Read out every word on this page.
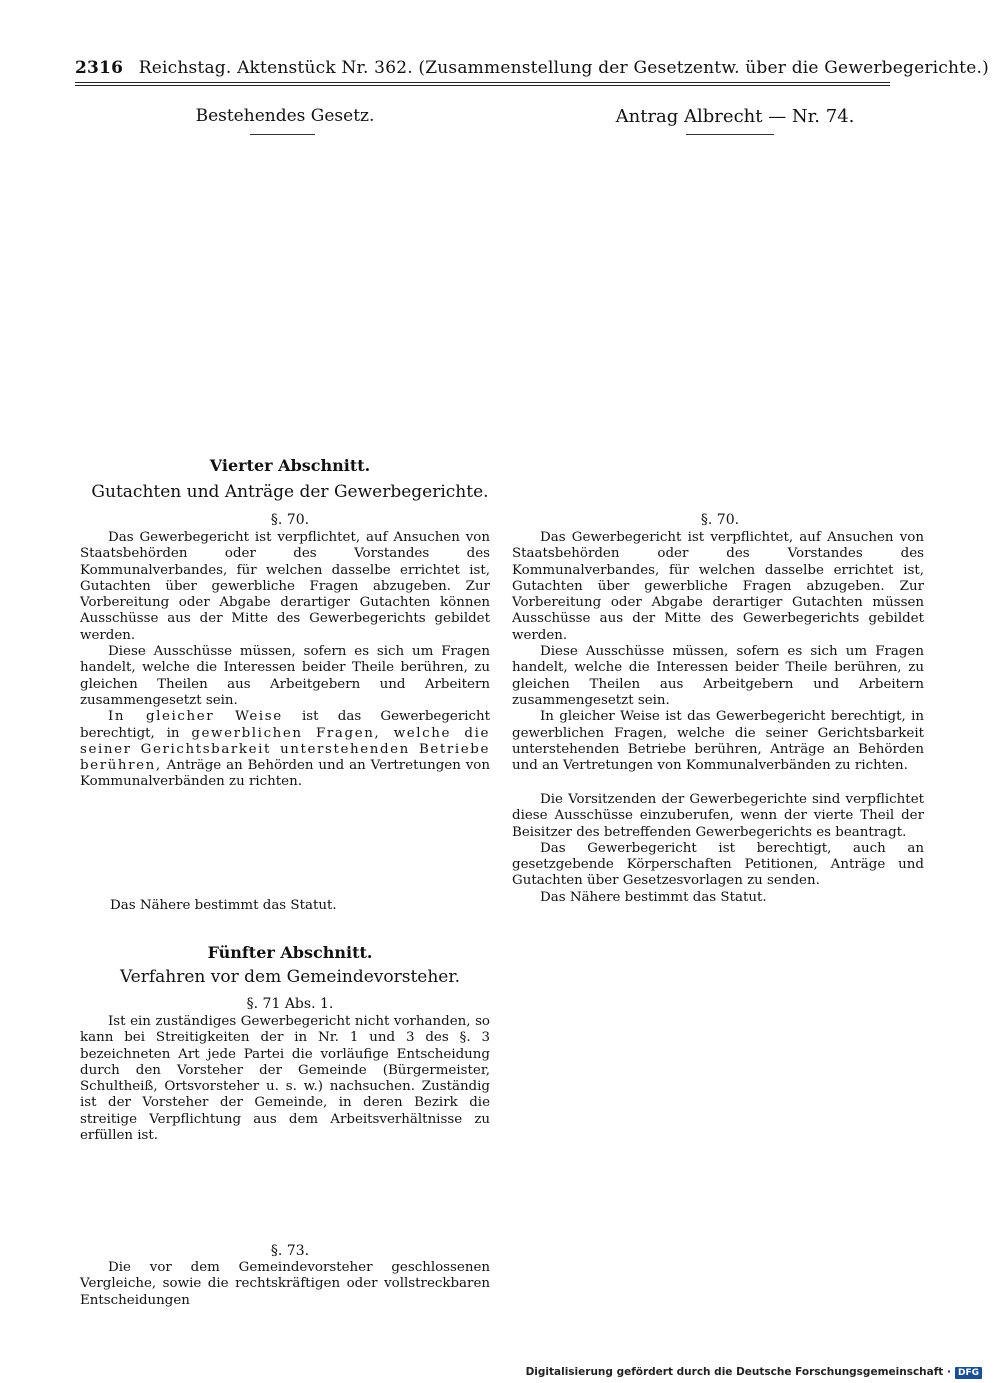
2316 Reichstag. Aktenstück Nr. 362. (Zusammenstellung der Gesetzentw. über die Gewerbegerichte.)
Bestehendes Gesetz.	Antrag Albrecht — Nr. 74.
Vierter Abschnitt.
Gutachten und Anträge der Gewerbegerichte.
§. 70.

Das Gewerbegericht ist verpflichtet, auf Ansuchen von Staatsbehörden oder des Vorstandes des Kommunalverbandes, für welchen dasselbe errichtet ist, Gutachten über gewerbliche Fragen abzugeben. Zur Vorbereitung oder Abgabe derartiger Gutachten können Ausschüsse aus der Mitte des Gewerbegerichts gebildet werden.

Diese Ausschüsse müssen, sofern es sich um Fragen handelt, welche die Interessen beider Theile berühren, zu gleichen Theilen aus Arbeitgebern und Arbeitern zusammengesetzt sein.

In gleicher Weise ist das Gewerbegericht berechtigt, in gewerblichen Fragen, welche die seiner Gerichtsbarkeit unterstehenden Betriebe berühren, Anträge an Behörden und an Vertretungen von Kommunalverbänden zu richten.

Das Nähere bestimmt das Statut.

Fünfter Abschnitt.
Verfahren vor dem Gemeindevorsteher.
§. 71 Abs. 1.

Ist ein zuständiges Gewerbegericht nicht vorhanden, so kann bei Streitigkeiten der in Nr. 1 und 3 des §. 3 bezeichneten Art jede Partei die vorläufige Entscheidung durch den Vorsteher der Gemeinde (Bürgermeister, Schultheiß, Ortsvorsteher u. s. w.) nachsuchen. Zuständig ist der Vorsteher der Gemeinde, in deren Bezirk die streitige Verpflichtung aus dem Arbeitsverhältnisse zu erfüllen ist.

§. 73.

Die vor dem Gemeindevorsteher geschlossenen Vergleiche, sowie die rechtskräftigen oder vollstreckbaren Entscheidungen

§. 70.

Das Gewerbegericht ist verpflichtet, auf Ansuchen von Staatsbehörden oder des Vorstandes des Kommunalverbandes, für welchen dasselbe errichtet ist, Gutachten über gewerbliche Fragen abzugeben. Zur Vorbereitung oder Abgabe derartiger Gutachten müssen Ausschüsse aus der Mitte des Gewerbegerichts gebildet werden.

Diese Ausschüsse müssen, sofern es sich um Fragen handelt, welche die Interessen beider Theile berühren, zu gleichen Theilen aus Arbeitgebern und Arbeitern zusammengesetzt sein.

In gleicher Weise ist das Gewerbegericht berechtigt, in gewerblichen Fragen, welche die seiner Gerichtsbarkeit unterstehenden Betriebe berühren, Anträge an Behörden und an Vertretungen von Kommunalverbänden zu richten.

Die Vorsitzenden der Gewerbegerichte sind verpflichtet diese Ausschüsse einzuberufen, wenn der vierte Theil der Beisitzer des betreffenden Gewerbegerichts es beantragt.

Das Gewerbegericht ist berechtigt, auch an gesetzgebende Körperschaften Petitionen, Anträge und Gutachten über Gesetzesvorlagen zu senden.

Das Nähere bestimmt das Statut.

Digitalisierung gefördert durch die Deutsche Forschungsgemeinschaft · DFG
